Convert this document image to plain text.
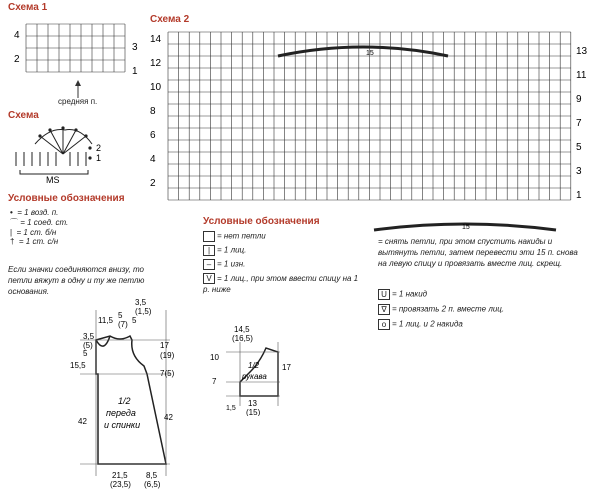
Схема 1
4
2
3
1
средняя п.
Схема
2
1
MS
Условные обозначения
• = 1 возд. п.
⌒ = 1 соед. ст.
| = 1 ст. б/н
† = 1 ст. с/н
Если значки соединяются внизу, то петли вяжут в одну и ту же петлю основания.
Схема 2
14
12
10
8
6
4
2
13
11
9
7
5
3
1
15
Условные обозначения
= нет петли
| = 1 лиц.
– = 1 изн.
V = 1 лиц., при этом ввести спицу на 1 р. ниже
15
= снять петли, при этом спустить накиды и вытянуть петли, затем перевести эти 15 п. снова на левую спицу и провязать вместе лиц. скрещ.
U = 1 накид
∇ = провязать 2 п. вместе лиц.
o = 1 лиц. и 2 накида
3,5
(5)
11,5
5
(7) 5
3,5
(1,5)
5
15,5
17
(19)
7(5)
42	42
21,5
(23,5)
8,5
(6,5)
1/2
переда
и спинки
14,5
(16,5)
10
7
17
1,5
13
(15)
1/2
рукава
